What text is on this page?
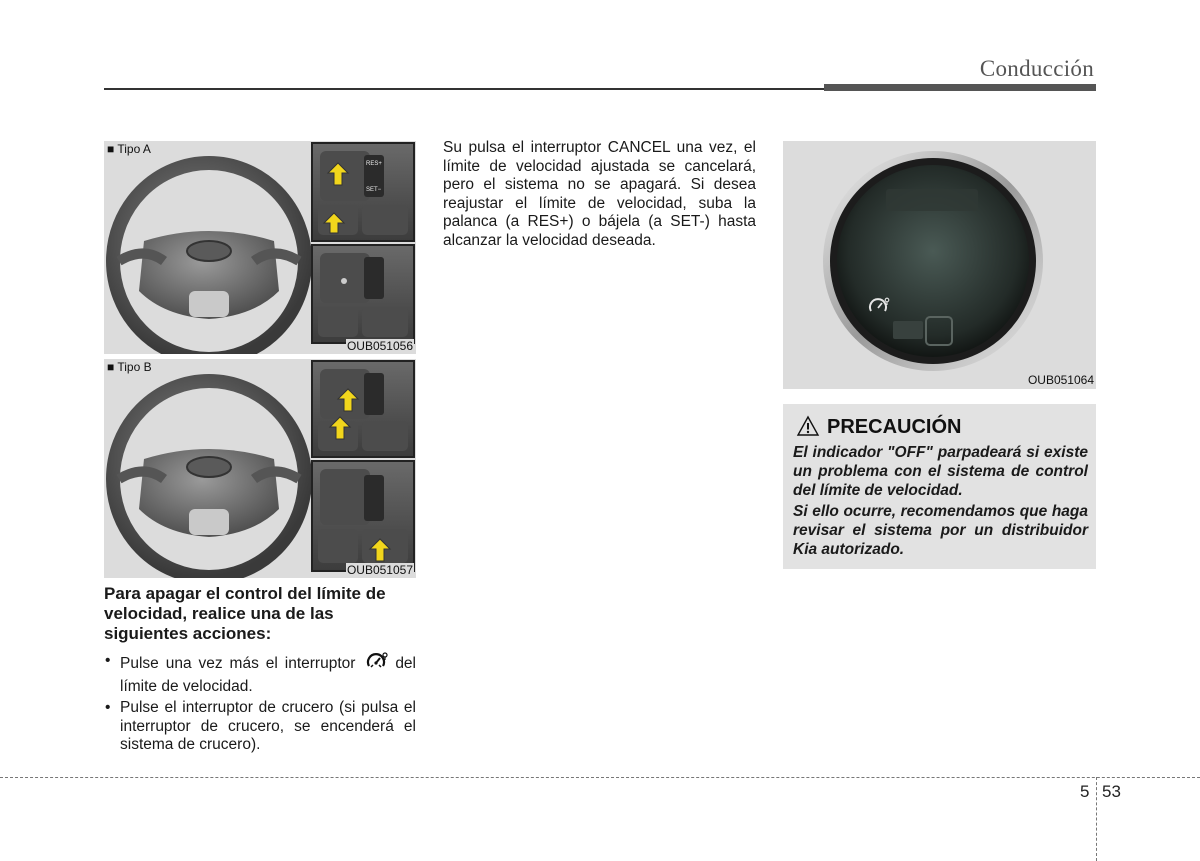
Conducción
RES+
SET−
■ Tipo A
OUB051056
■ Tipo B
OUB051057
Su pulsa el interruptor CANCEL una vez, el límite de velocidad ajustada se cancelará, pero el sistema no se apagará. Si desea reajustar el límite de velocidad, suba la palanca (a RES+) o bájela (a SET-) hasta alcanzar la velocidad deseada.
Para apagar el control del límite de velocidad, realice una de las siguientes acciones:
• Pulse una vez más el interruptor	del límite de velocidad.
• Pulse el interruptor de crucero (si pulsa el interruptor de crucero, se encenderá el sistema de crucero).
OUB051064
PRECAUCIÓN

El indicador "OFF" parpadeará si existe un problema con el sistema de control del límite de velocidad.

Si ello ocurre, recomendamos que haga revisar el sistema por un distribuidor Kia autorizado.

5 53
